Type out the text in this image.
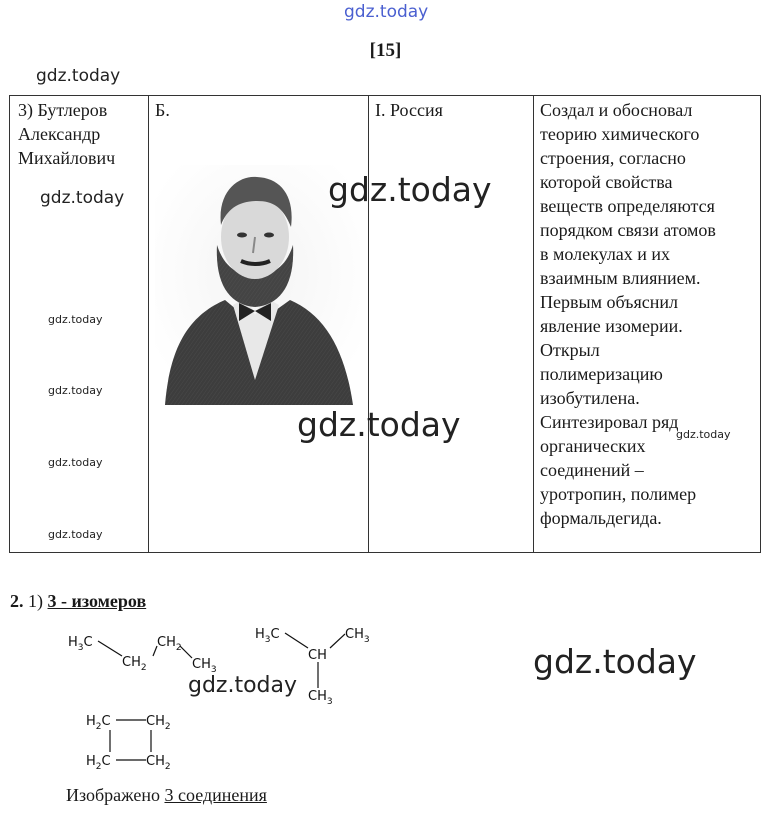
gdz.today
[15]
gdz.today
3) Бутлеров
Александр
Михайлович
	Б.	I. Россия	Создал и обосновал
теорию химического
строения, согласно
которой свойства
веществ определяются
порядком связи атомов
в молекулах и их
взаимным влиянием.
Первым объяснил
явление изомерии.
Открыл
полимеризацию
изобутилена.
Синтезировал ряд
органических
соединений –
уротропин, полимер
формальдегида.
gdz.today
gdz.today
gdz.today
gdz.today
gdz.today
gdz.today
gdz.today
gdz.today
gdz.today
2. 1) 3 - изомеров
$H_3C$
$CH_2$
$CH_2$
$CH_3$
$H_3C$
CH
$CH_3$
$CH_3$
$H_2C$	$CH_2$
$H_2C$	$CH_2$
gdz.today
Изображено 3 соединения
